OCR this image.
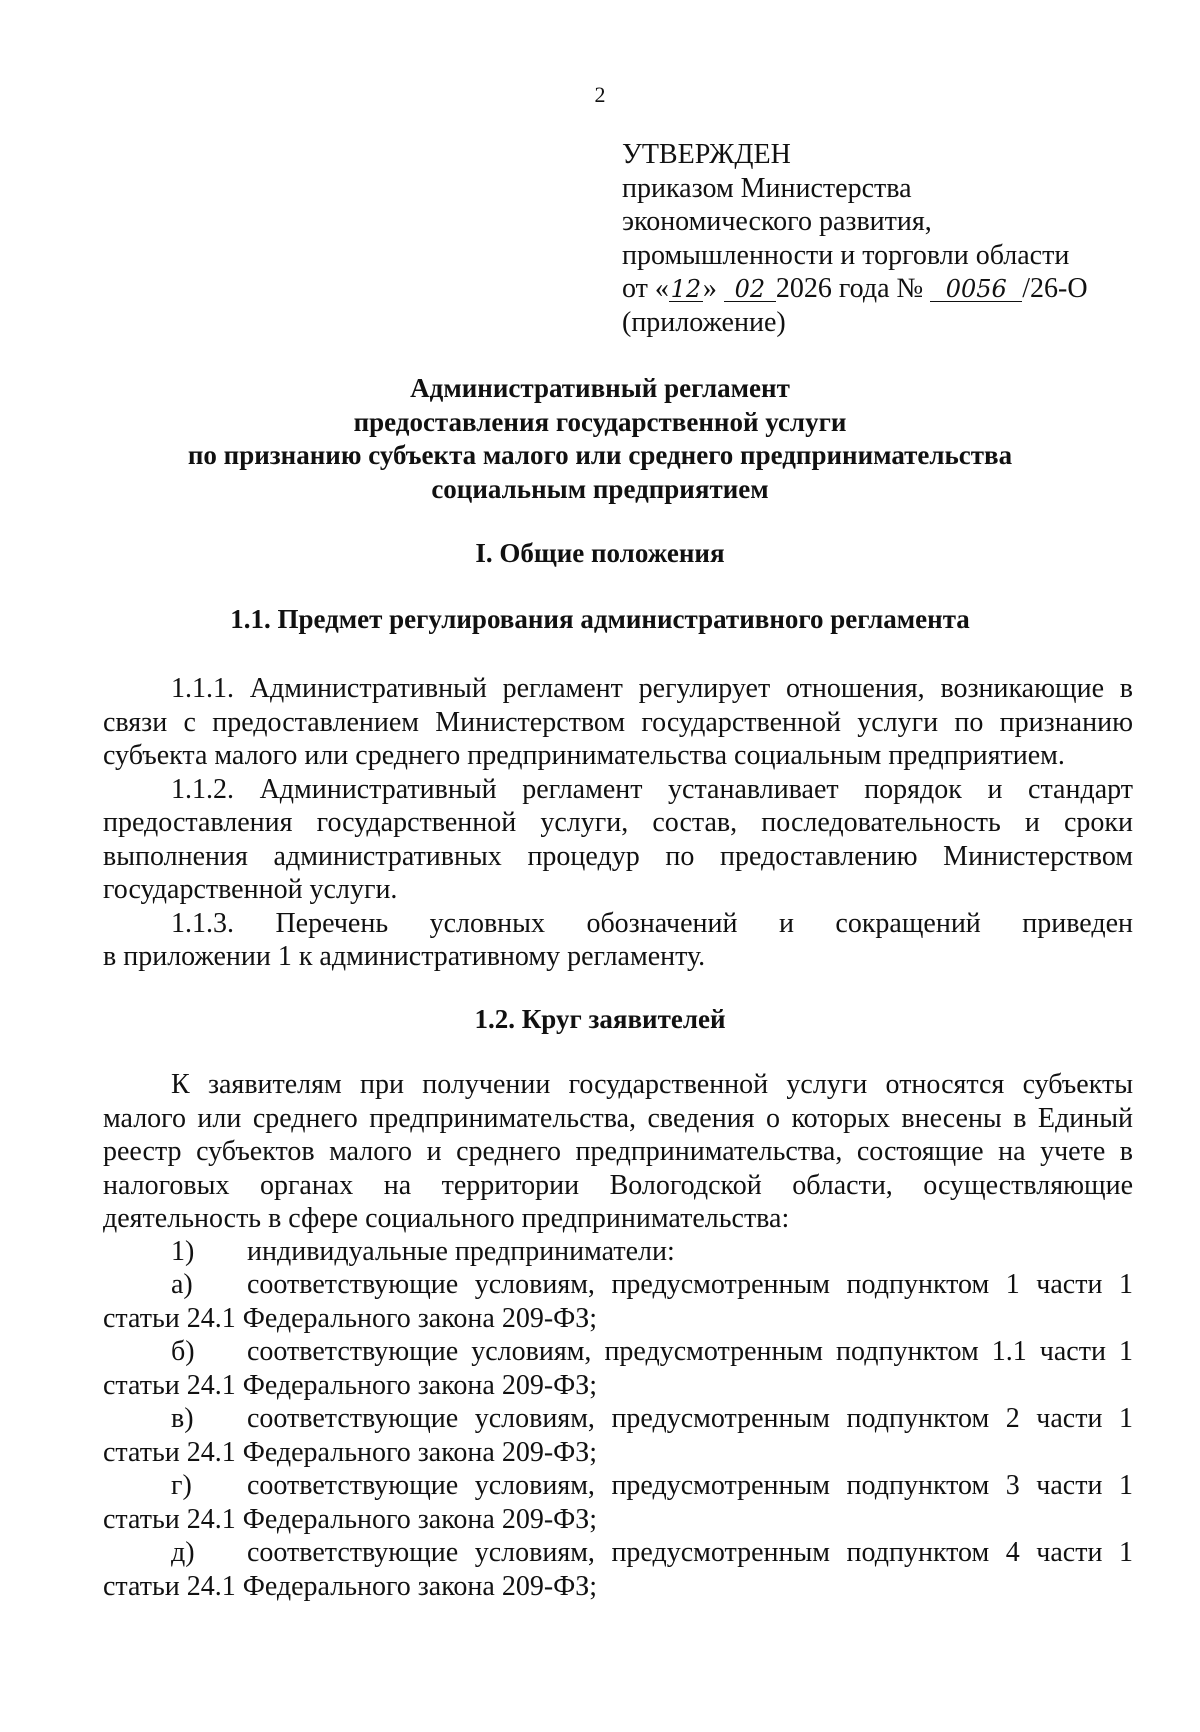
2
УТВЕРЖДЕН
приказом Министерства
экономического развития,
промышленности и торговли области
от «12» 02 2026 года № 0056 /26-О
(приложение)
Административный регламент
предоставления государственной услуги
по признанию субъекта малого или среднего предпринимательства
социальным предприятием
I. Общие положения
1.1. Предмет регулирования административного регламента
1.1.1. Административный регламент регулирует отношения, возникающие в связи с предоставлением Министерством государственной услуги по признанию субъекта малого или среднего предпринимательства социальным предприятием.
1.1.2. Административный регламент устанавливает порядок и стандарт предоставления государственной услуги, состав, последовательность и сроки выполнения административных процедур по предоставлению Министерством государственной услуги.
1.1.3. Перечень условных обозначений и сокращений приведен
в приложении 1 к административному регламенту.
1.2. Круг заявителей
К заявителям при получении государственной услуги относятся субъекты малого или среднего предпринимательства, сведения о которых внесены в Единый реестр субъектов малого и среднего предпринимательства, состоящие на учете в налоговых органах на территории Вологодской области, осуществляющие деятельность в сфере социального предпринимательства:
1) индивидуальные предприниматели:
а) соответствующие условиям, предусмотренным подпунктом 1 части 1 статьи 24.1 Федерального закона 209-ФЗ;
б) соответствующие условиям, предусмотренным подпунктом 1.1 части 1 статьи 24.1 Федерального закона 209-ФЗ;
в) соответствующие условиям, предусмотренным подпунктом 2 части 1 статьи 24.1 Федерального закона 209-ФЗ;
г) соответствующие условиям, предусмотренным подпунктом 3 части 1 статьи 24.1 Федерального закона 209-ФЗ;
д) соответствующие условиям, предусмотренным подпунктом 4 части 1 статьи 24.1 Федерального закона 209-ФЗ;
